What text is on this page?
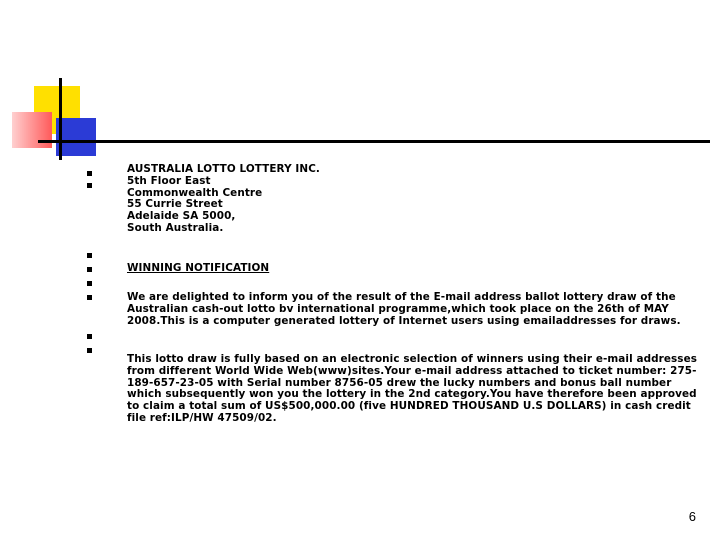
AUSTRALIA LOTTO LOTTERY INC.
5th Floor East
Commonwealth Centre
55 Currie Street
Adelaide SA 5000,
South Australia.
WINNING NOTIFICATION
We are delighted to inform you of the result of the E-mail address ballot lottery draw of the Australian cash-out lotto bv international programme,which took place on the 26th of MAY 2008.This is a computer generated lottery of Internet users using emailaddresses for draws.
This lotto draw is fully based on an electronic selection of winners using their e-mail addresses from different World Wide Web(www)sites.Your e-mail address attached to ticket number: 275-189-657-23-05 with Serial number 8756-05 drew the lucky numbers and bonus ball number which subsequently won you the lottery in the 2nd category.You have therefore been approved to claim a total sum of US$500,000.00 (five HUNDRED THOUSAND U.S DOLLARS) in cash credit file ref:ILP/HW 47509/02.
6
